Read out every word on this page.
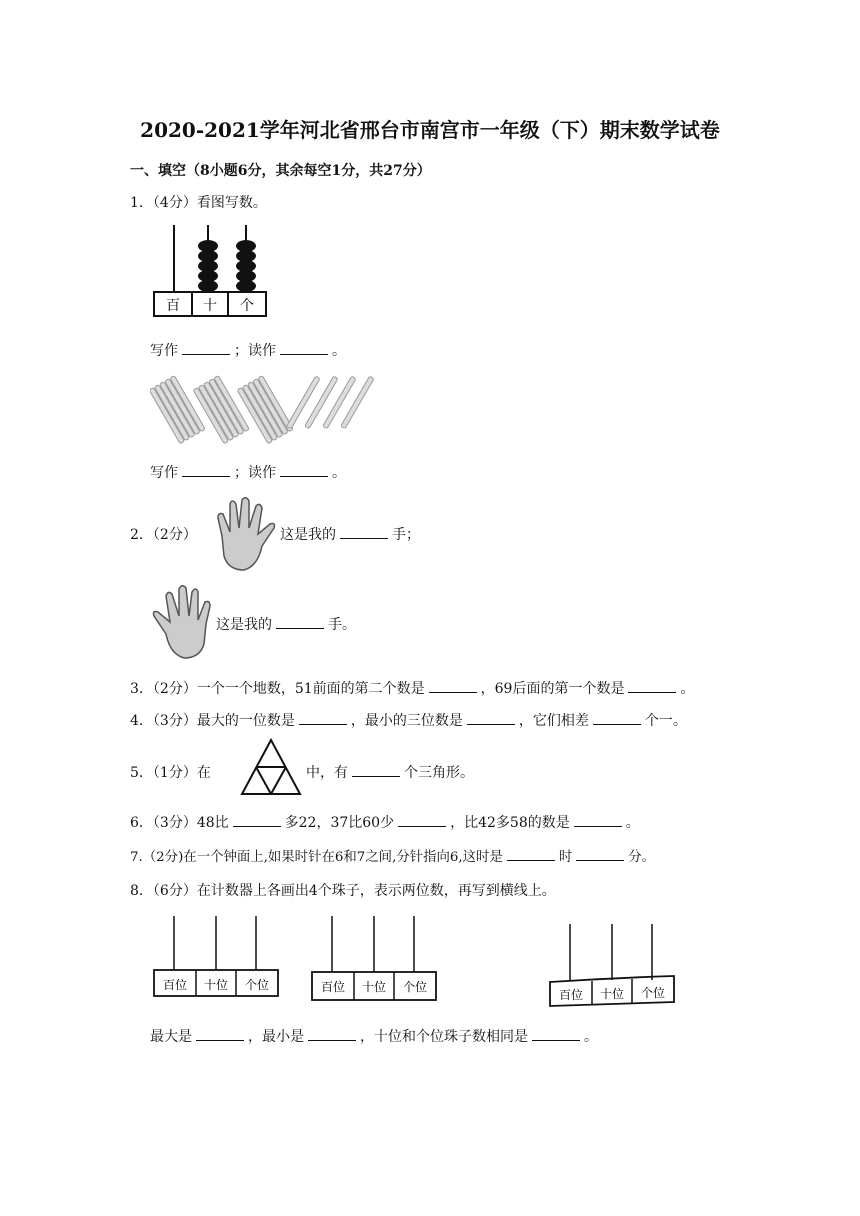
2020-2021学年河北省邢台市南宫市一年级（下）期末数学试卷
一、填空（8小题6分，其余每空1分，共27分）
1．（4分）看图写数。
百 十 个
写作	；读作	。
写作	；读作	。
2．（2分）	这是我的	手；
这是我的	手。
3．（2分）一个一个地数，51前面的第二个数是	，69后面的第一个数是	。
4．（3分）最大的一位数是	，最小的三位数是	，它们相差	个一。
5．（1分）在	中，有	个三角形。
6．（3分）48比	多22，37比60少	，比42多58的数是	。
7.（2分)在一个钟面上,如果时针在6和7之间,分针指向6,这时是	时	分。
8．（6分）在计数器上各画出4个珠子，表示两位数，再写到横线上。
百位 十位 个位	百位 十位 个位
百位 十位 个位
最大是	，最小是	，十位和个位珠子数相同是	。
